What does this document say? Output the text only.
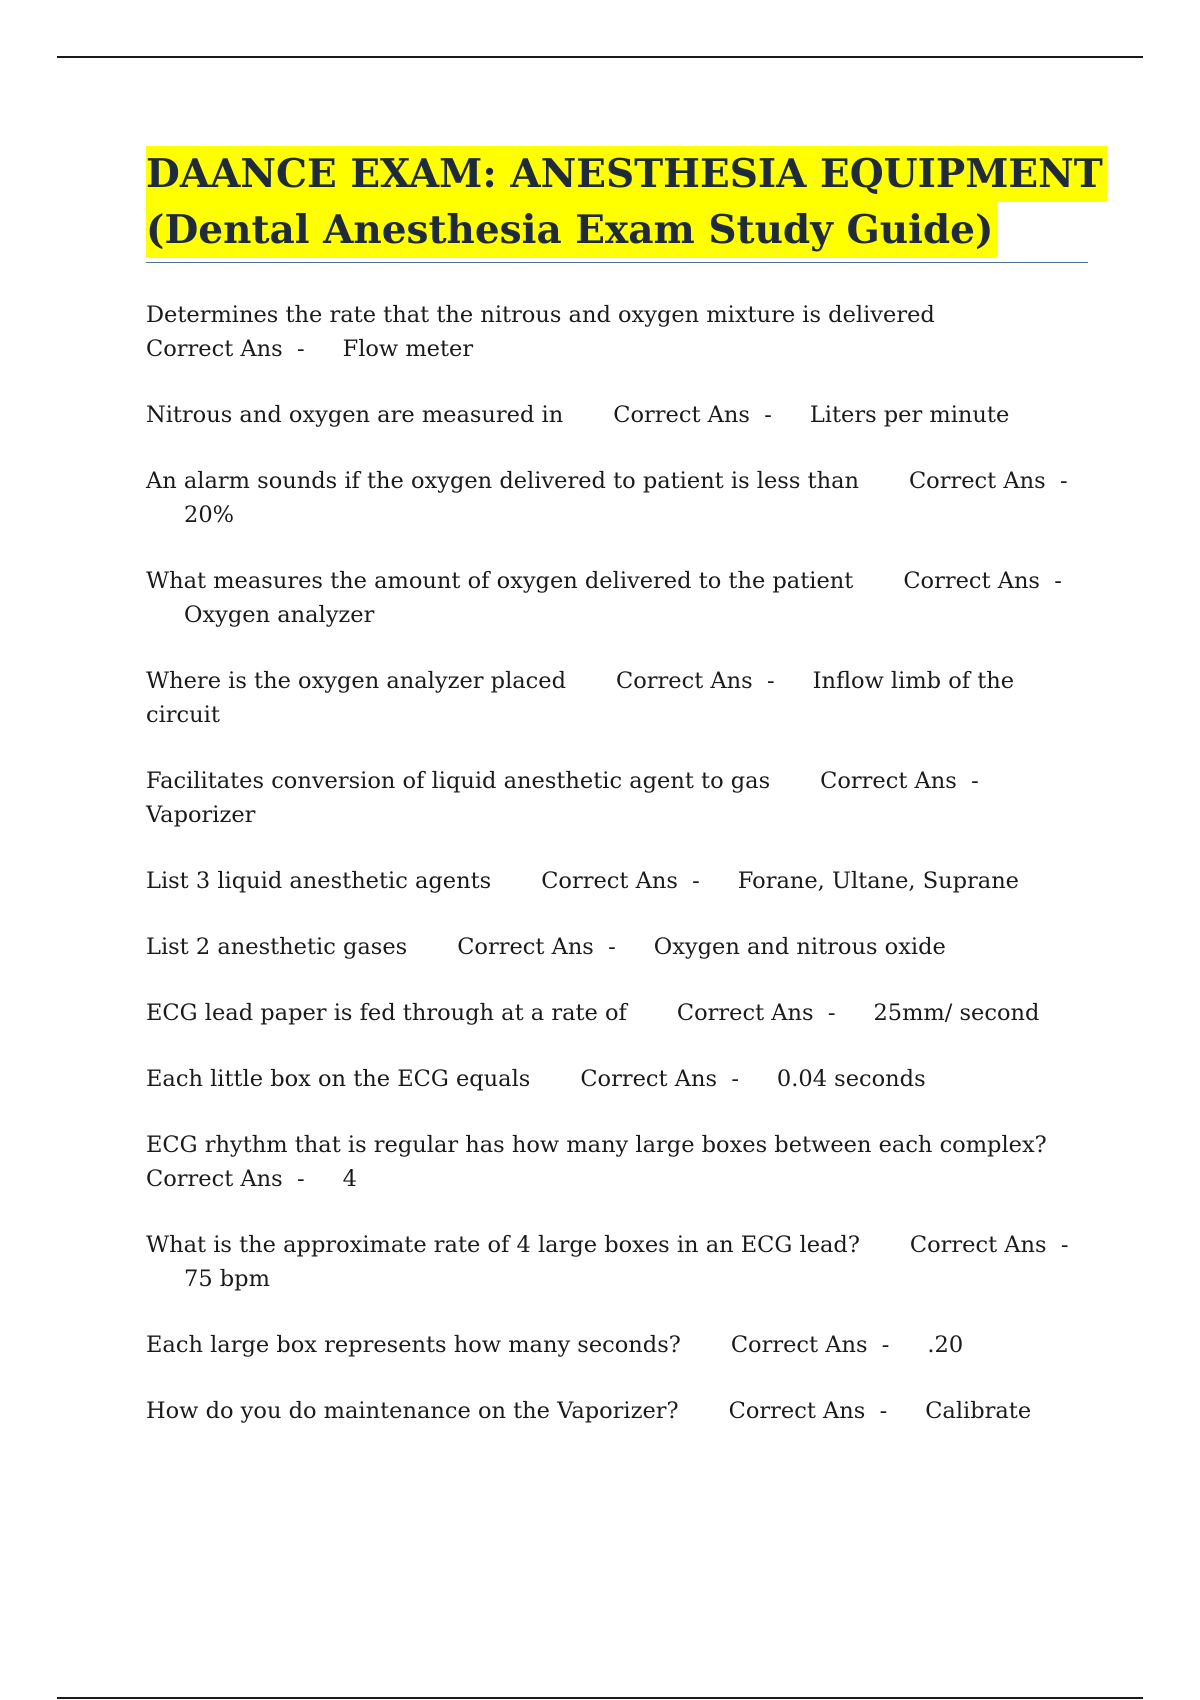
DAANCE EXAM: ANESTHESIA EQUIPMENT
(Dental Anesthesia Exam Study Guide)
Determines the rate that the nitrous and oxygen mixture is delivered
Correct Ans  - Flow meter
Nitrous and oxygen are measured in Correct Ans  - Liters per minute
An alarm sounds if the oxygen delivered to patient is less than Correct Ans  -20%
What measures the amount of oxygen delivered to the patient Correct Ans  -Oxygen analyzer
Where is the oxygen analyzer placed Correct Ans  - Inflow limb of the circuit
Facilitates conversion of liquid anesthetic agent to gas Correct Ans  -Vaporizer
List 3 liquid anesthetic agents Correct Ans  - Forane, Ultane, Suprane
List 2 anesthetic gases Correct Ans  - Oxygen and nitrous oxide
ECG lead paper is fed through at a rate of Correct Ans  - 25mm/ second
Each little box on the ECG equals Correct Ans  - 0.04 seconds
ECG rhythm that is regular has how many large boxes between each complex?
Correct Ans  - 4
What is the approximate rate of 4 large boxes in an ECG lead? Correct Ans  -75 bpm
Each large box represents how many seconds? Correct Ans  - .20
How do you do maintenance on the Vaporizer? Correct Ans  - Calibrate
